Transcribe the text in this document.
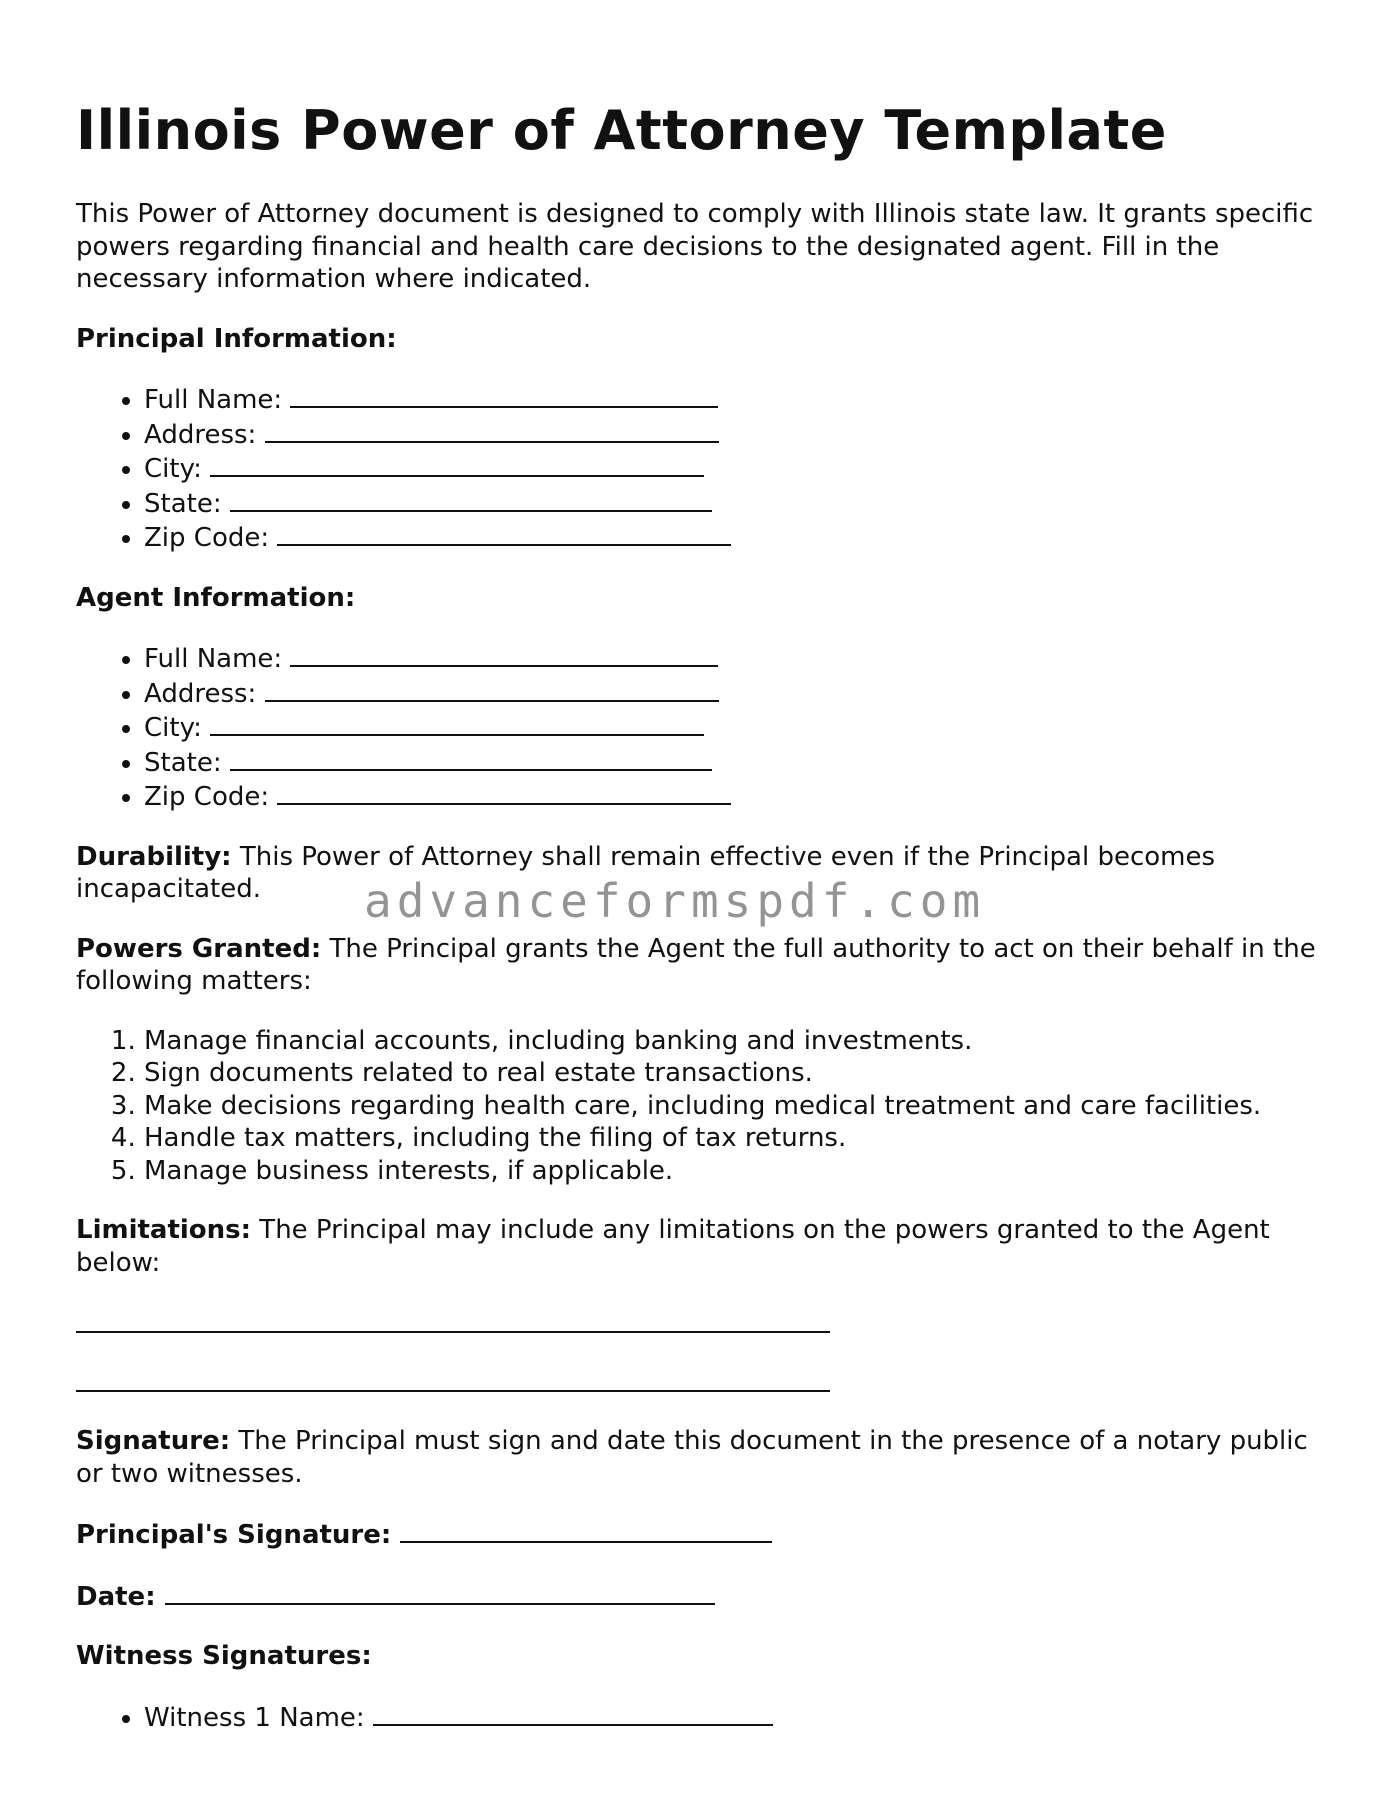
Illinois Power of Attorney Template

This Power of Attorney document is designed to comply with Illinois state law. It grants specific powers regarding financial and health care decisions to the designated agent. Fill in the necessary information where indicated.

Principal Information:

• Full Name:
• Address:
• City:
• State:
• Zip Code:

Agent Information:

• Full Name:
• Address:
• City:
• State:
• Zip Code:

Durability: This Power of Attorney shall remain effective even if the Principal becomes incapacitated.

Powers Granted: The Principal grants the Agent the full authority to act on their behalf in the following matters:

1. Manage financial accounts, including banking and investments.
2. Sign documents related to real estate transactions.
3. Make decisions regarding health care, including medical treatment and care facilities.
4. Handle tax matters, including the filing of tax returns.
5. Manage business interests, if applicable.

Limitations: The Principal may include any limitations on the powers granted to the Agent below:

Signature: The Principal must sign and date this document in the presence of a notary public or two witnesses.

Principal's Signature:

Date:

Witness Signatures:

• Witness 1 Name:
advanceformspdf.com
